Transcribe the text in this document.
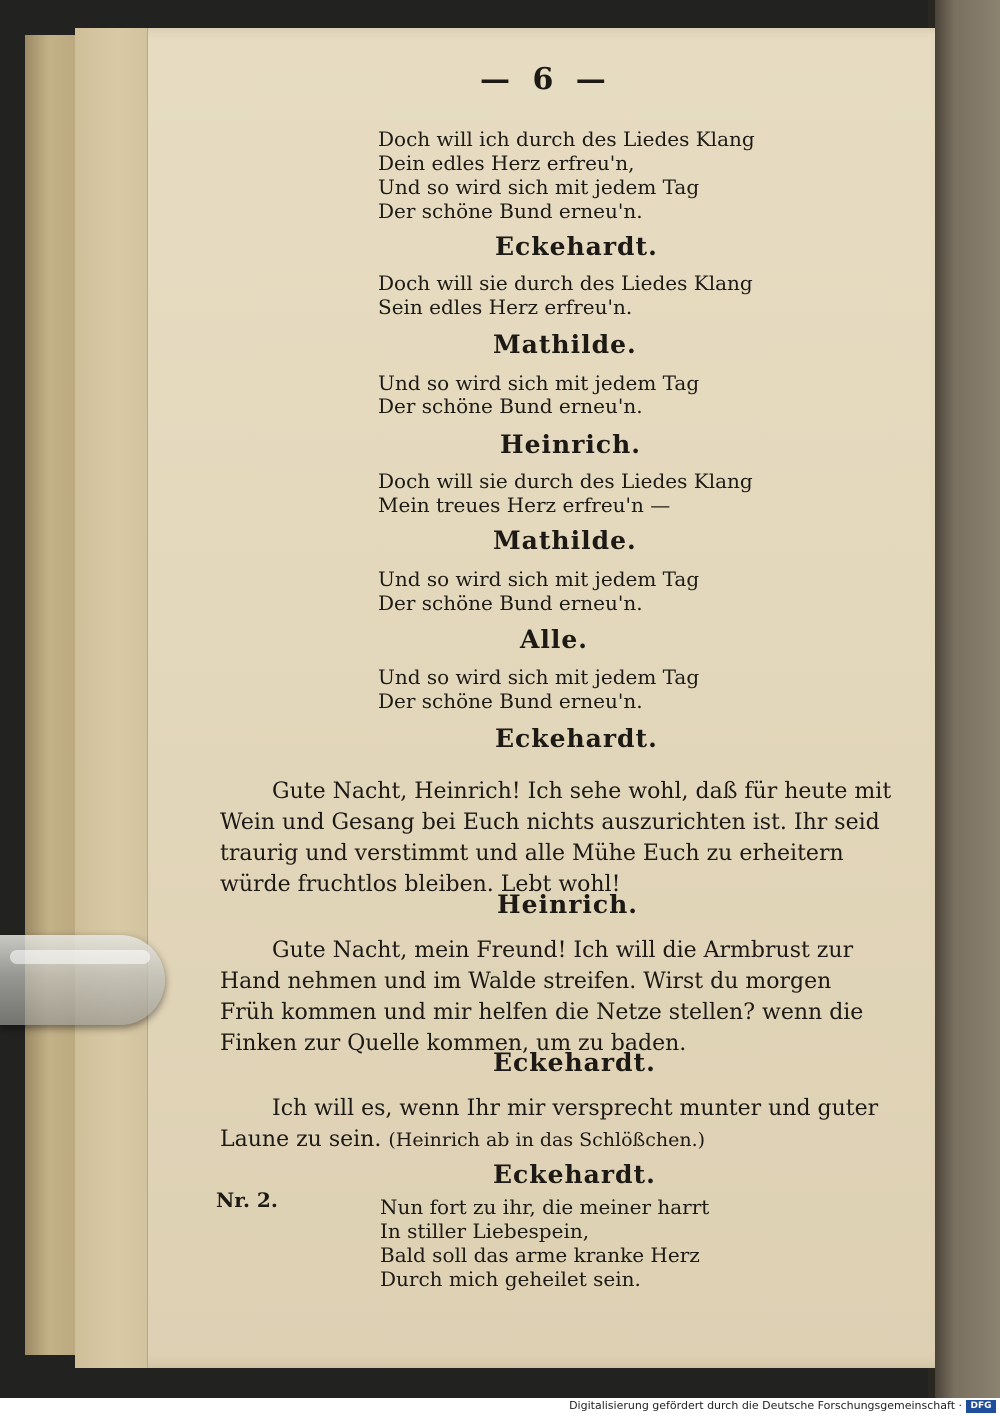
— 6 —
Doch will ich durch des Liedes Klang
Dein edles Herz erfreu'n,
Und so wird sich mit jedem Tag
Der schöne Bund erneu'n.
Eckehardt.
Doch will sie durch des Liedes Klang
Sein edles Herz erfreu'n.
Mathilde.
Und so wird sich mit jedem Tag
Der schöne Bund erneu'n.
Heinrich.
Doch will sie durch des Liedes Klang
Mein treues Herz erfreu'n —
Mathilde.
Und so wird sich mit jedem Tag
Der schöne Bund erneu'n.
Alle.
Und so wird sich mit jedem Tag
Der schöne Bund erneu'n.
Eckehardt.
Gute Nacht, Heinrich! Ich sehe wohl, daß für heute mit Wein und Gesang bei Euch nichts auszurichten ist. Ihr seid traurig und verstimmt und alle Mühe Euch zu erheitern würde fruchtlos bleiben. Lebt wohl!
Heinrich.
Gute Nacht, mein Freund! Ich will die Armbrust zur Hand nehmen und im Walde streifen. Wirst du morgen Früh kommen und mir helfen die Netze stellen? wenn die Finken zur Quelle kommen, um zu baden.
Eckehardt.
Ich will es, wenn Ihr mir versprecht munter und guter Laune zu sein. (Heinrich ab in das Schlößchen.)
Eckehardt.
Nr. 2.	Nun fort zu ihr, die meiner harrt
In stiller Liebespein,
Bald soll das arme kranke Herz
Durch mich geheilet sein.
Digitalisierung gefördert durch die Deutsche Forschungsgemeinschaft · DFG
